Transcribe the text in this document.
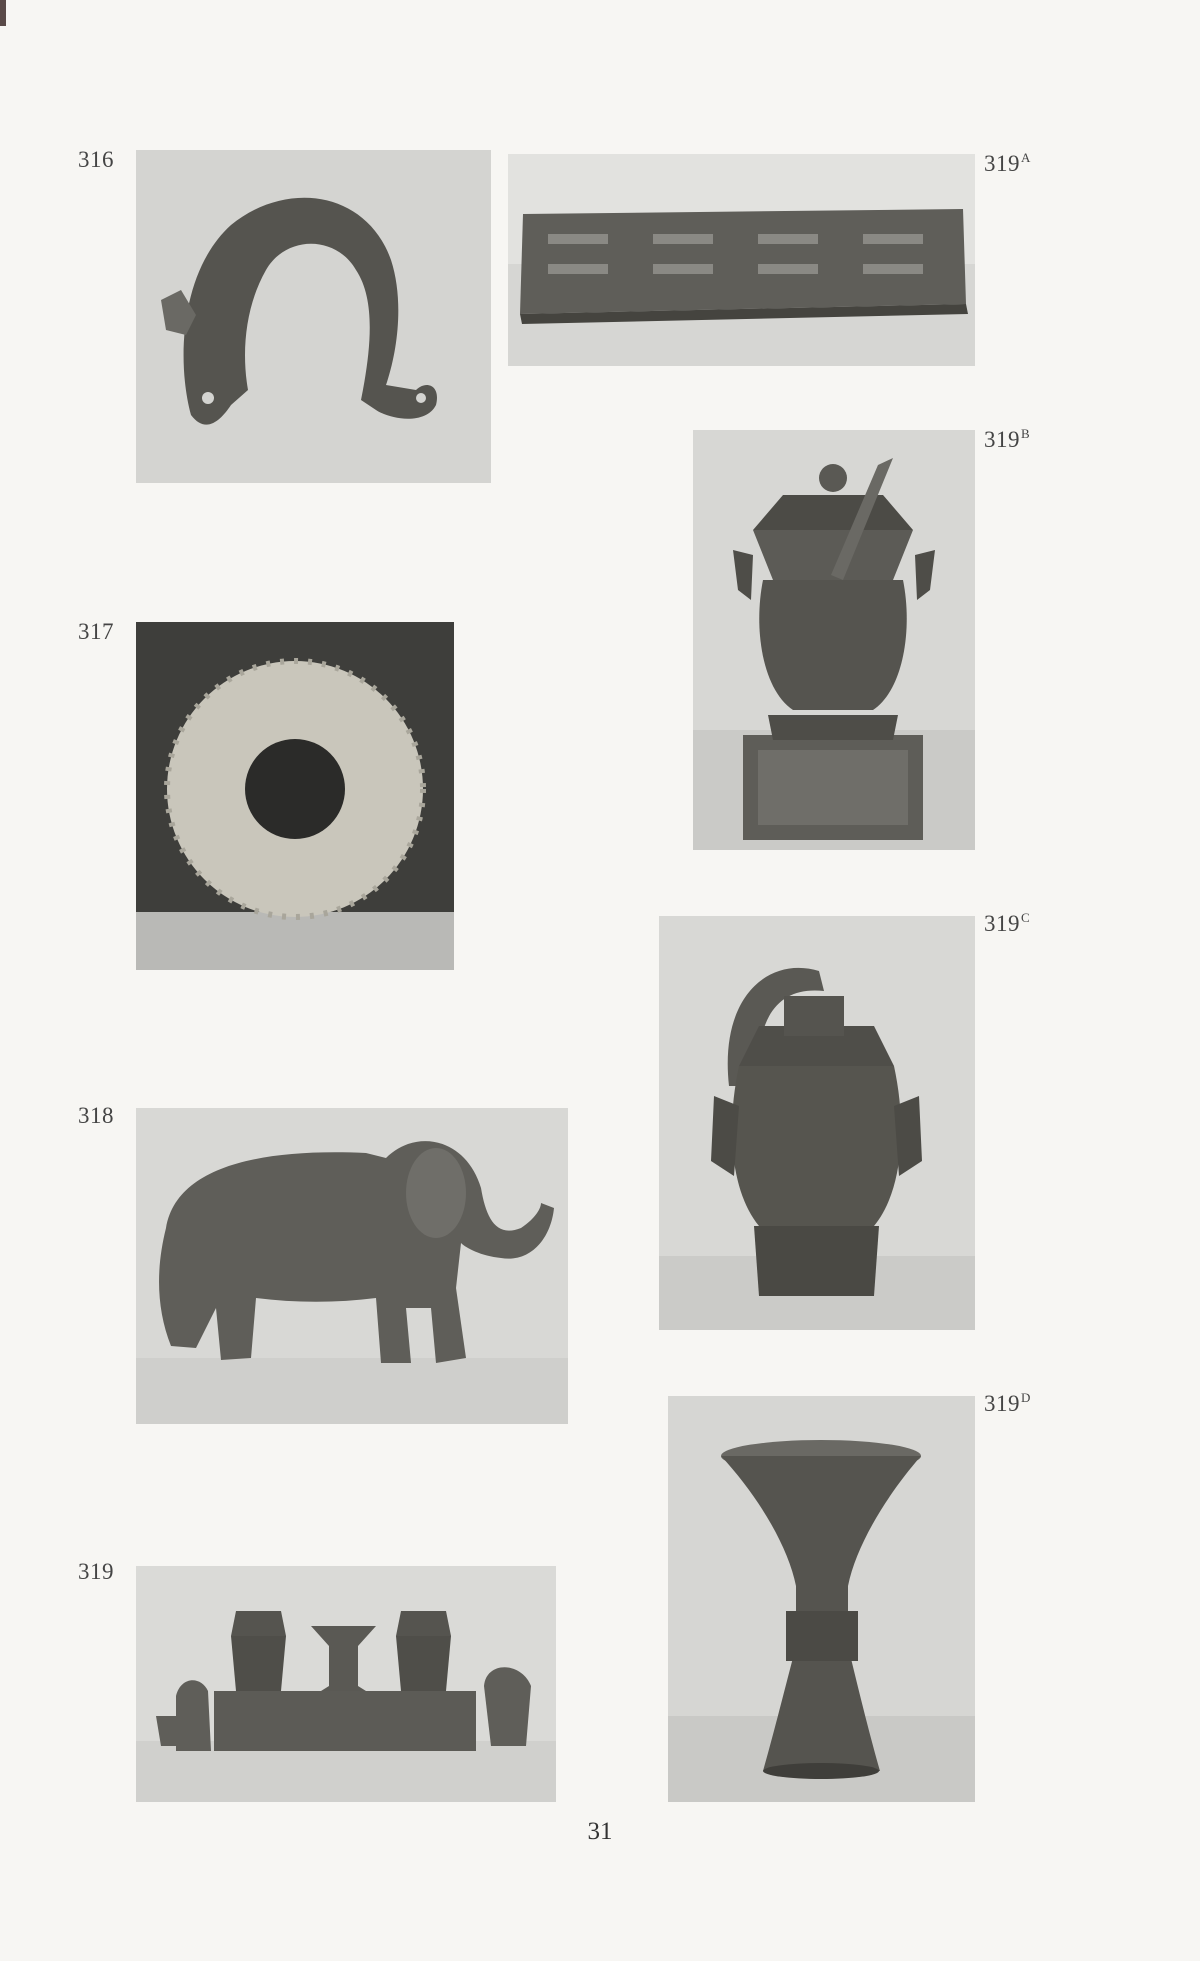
316
317
318
319
$319^A$
$319^B$
$319^C$
$319^D$
31
